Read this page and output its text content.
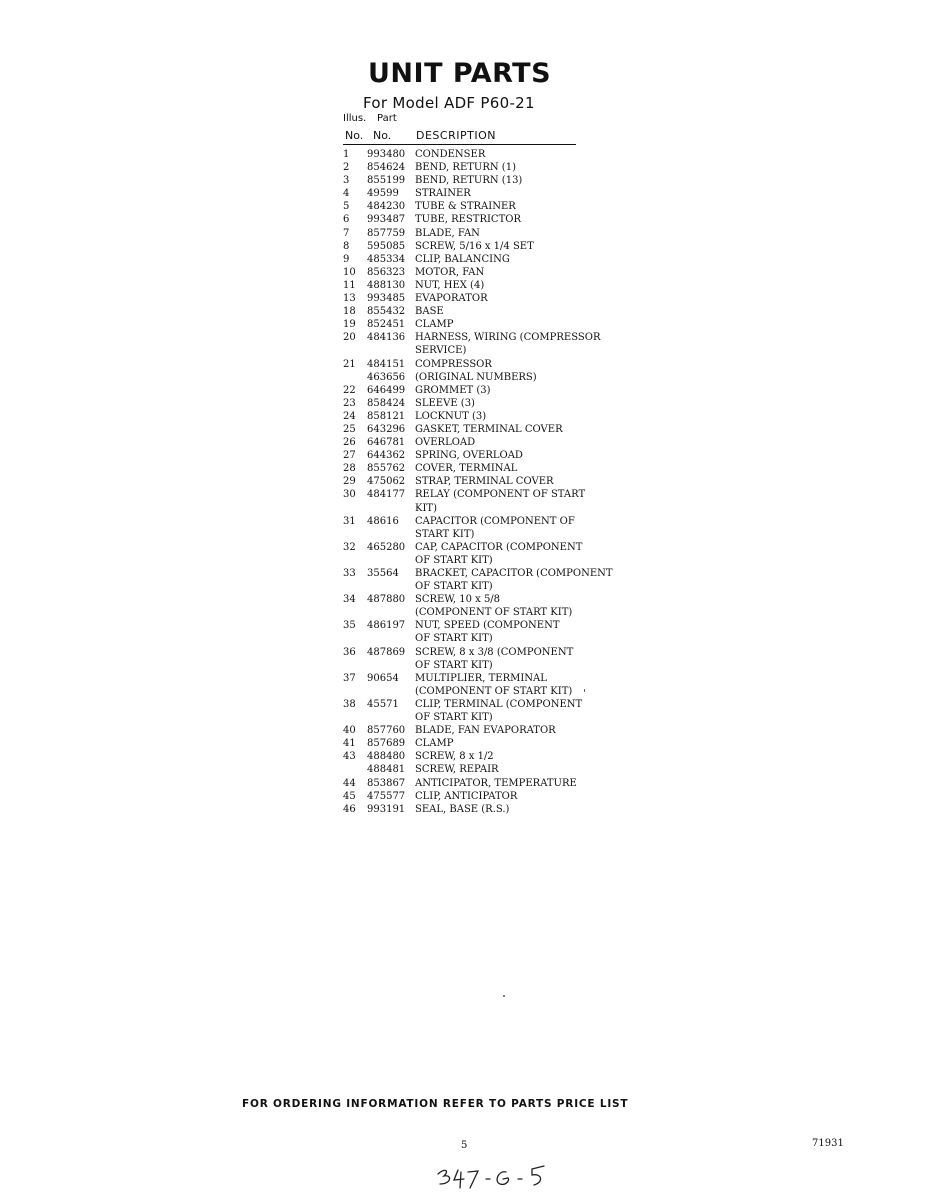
UNIT PARTS
For Model ADF P60-21
Illus. Part
No. No. DESCRIPTION
1	993480 CONDENSER
2	854624 BEND, RETURN (1)
3	855199 BEND, RETURN (13)
4	49599	STRAINER
5	484230 TUBE & STRAINER
6	993487 TUBE, RESTRICTOR
7	857759 BLADE, FAN
8	595085 SCREW, 5/16 x 1/4 SET
9	485334 CLIP, BALANCING
10	856323 MOTOR, FAN
11	488130 NUT, HEX (4)
13	993485 EVAPORATOR
18	855432 BASE
19	852451 CLAMP
20	484136 HARNESS, WIRING (COMPRESSOR
SERVICE)
21	484151 COMPRESSOR
463656 (ORIGINAL NUMBERS)
22	646499 GROMMET (3)
23	858424 SLEEVE (3)
24	858121 LOCKNUT (3)
25	643296 GASKET, TERMINAL COVER
26	646781 OVERLOAD
27	644362 SPRING, OVERLOAD
28	855762 COVER, TERMINAL
29	475062 STRAP, TERMINAL COVER
30	484177 RELAY (COMPONENT OF START
KIT)
31	48616	CAPACITOR (COMPONENT OF
START KIT)
32	465280 CAP, CAPACITOR (COMPONENT
OF START KIT)
33	35564	BRACKET, CAPACITOR (COMPONENT
OF START KIT)
34	487880 SCREW, 10 x 5/8
(COMPONENT OF START KIT)
35	486197 NUT, SPEED (COMPONENT
OF START KIT)
36	487869 SCREW, 8 x 3/8 (COMPONENT
OF START KIT)
37	90654	MULTIPLIER, TERMINAL
(COMPONENT OF START KIT)
38	45571	CLIP, TERMINAL (COMPONENT
OF START KIT)
40	857760 BLADE, FAN EVAPORATOR
41	857689 CLAMP
43	488480 SCREW, 8 x 1/2
488481 SCREW, REPAIR
44	853867 ANTICIPATOR, TEMPERATURE
45	475577 CLIP, ANTICIPATOR
46	993191 SEAL, BASE (R.S.)
FOR ORDERING INFORMATION REFER TO PARTS PRICE LIST
5	71931
